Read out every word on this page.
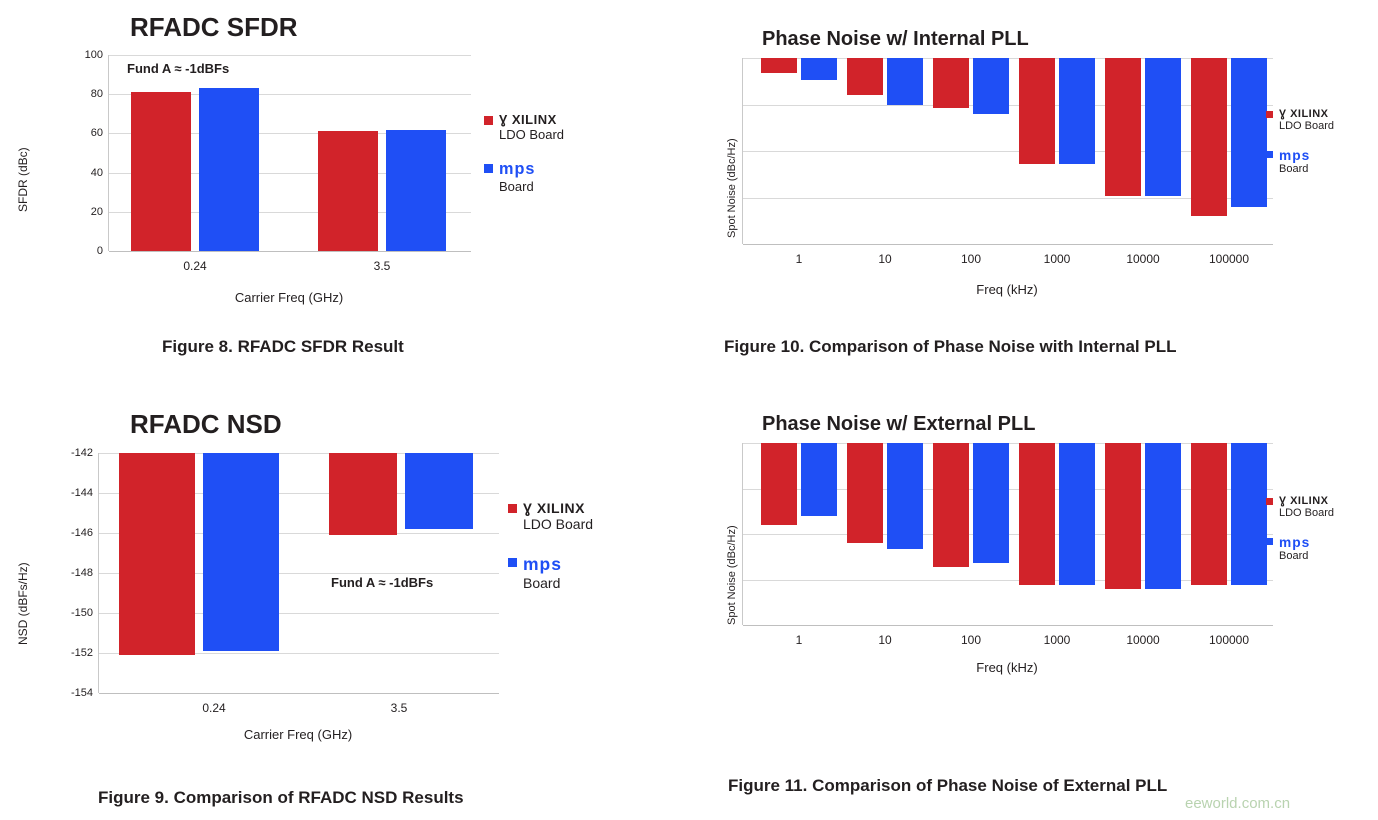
RFADC SFDR
SFDR (dBc)
100
80
60
40
20
0
Fund A ≈ -1dBFs
0.24	3.5
Carrier Freq (GHz)
Ɣ XILINX
LDO Board
mps
Board
Figure 8. RFADC SFDR Result
Phase Noise w/ Internal PLL
Spot Noise (dBc/Hz)
1	10	100	1000	10000	100000
Freq (kHz)
Ɣ XILINX
LDO Board
mps
Board
Figure 10. Comparison of Phase Noise with Internal PLL
RFADC NSD
NSD (dBFs/Hz)
-142
-144
-146
-148
-150
-152
-154
Fund A ≈ -1dBFs
0.24	3.5
Carrier Freq (GHz)
Ɣ XILINX
LDO Board
mps
Board
Figure 9. Comparison of RFADC NSD Results
Phase Noise w/ External PLL
Spot Noise (dBc/Hz)
1	10	100	1000	10000	100000
Freq (kHz)
Ɣ XILINX
LDO Board
mps
Board
Figure 11. Comparison of Phase Noise of External PLL
eeworld.com.cn
